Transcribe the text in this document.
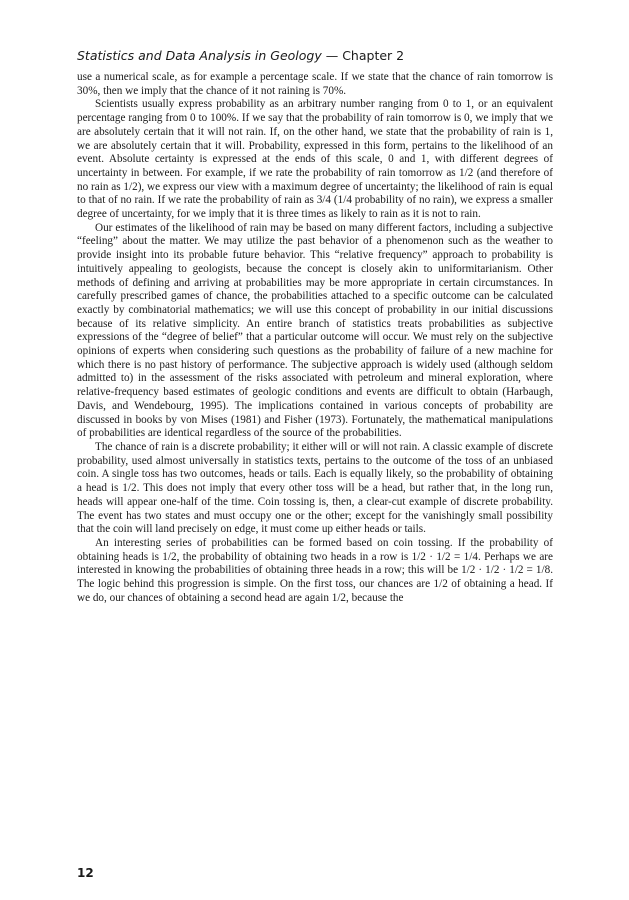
Statistics and Data Analysis in Geology — Chapter 2

use a numerical scale, as for example a percentage scale. If we state that the chance of rain tomorrow is 30%, then we imply that the chance of it not raining is 70%.

Scientists usually express probability as an arbitrary number ranging from 0 to 1, or an equivalent percentage ranging from 0 to 100%. If we say that the probability of rain tomorrow is 0, we imply that we are absolutely certain that it will not rain. If, on the other hand, we state that the probability of rain is 1, we are absolutely certain that it will. Probability, expressed in this form, pertains to the likelihood of an event. Absolute certainty is expressed at the ends of this scale, 0 and 1, with different degrees of uncertainty in between. For example, if we rate the probability of rain tomorrow as 1/2 (and therefore of no rain as 1/2), we express our view with a maximum degree of uncertainty; the likelihood of rain is equal to that of no rain. If we rate the probability of rain as 3/4 (1/4 probability of no rain), we express a smaller degree of uncertainty, for we imply that it is three times as likely to rain as it is not to rain.

Our estimates of the likelihood of rain may be based on many different factors, including a subjective “feeling” about the matter. We may utilize the past behavior of a phenomenon such as the weather to provide insight into its probable future behavior. This “relative frequency” approach to probability is intuitively appealing to geologists, because the concept is closely akin to uniformitarianism. Other methods of defining and arriving at probabilities may be more appropriate in certain circumstances. In carefully prescribed games of chance, the probabilities attached to a specific outcome can be calculated exactly by combinatorial mathematics; we will use this concept of probability in our initial discussions because of its relative simplicity. An entire branch of statistics treats probabilities as subjective expressions of the “degree of belief” that a particular outcome will occur. We must rely on the subjective opinions of experts when considering such questions as the probability of failure of a new machine for which there is no past history of performance. The subjective approach is widely used (although seldom admitted to) in the assessment of the risks associated with petroleum and mineral exploration, where relative-frequency based estimates of geologic conditions and events are difficult to obtain (Harbaugh, Davis, and Wendebourg, 1995). The implications contained in various concepts of probability are discussed in books by von Mises (1981) and Fisher (1973). Fortunately, the mathematical manipulations of probabilities are identical regardless of the source of the probabilities.

The chance of rain is a discrete probability; it either will or will not rain. A classic example of discrete probability, used almost universally in statistics texts, pertains to the outcome of the toss of an unbiased coin. A single toss has two outcomes, heads or tails. Each is equally likely, so the probability of obtaining a head is 1/2. This does not imply that every other toss will be a head, but rather that, in the long run, heads will appear one-half of the time. Coin tossing is, then, a clear-cut example of discrete probability. The event has two states and must occupy one or the other; except for the vanishingly small possibility that the coin will land precisely on edge, it must come up either heads or tails.

An interesting series of probabilities can be formed based on coin tossing. If the probability of obtaining heads is 1/2, the probability of obtaining two heads in a row is 1/2 · 1/2 = 1/4. Perhaps we are interested in knowing the probabilities of obtaining three heads in a row; this will be 1/2 · 1/2 · 1/2 = 1/8. The logic behind this progression is simple. On the first toss, our chances are 1/2 of obtaining a head. If we do, our chances of obtaining a second head are again 1/2, because the

12
